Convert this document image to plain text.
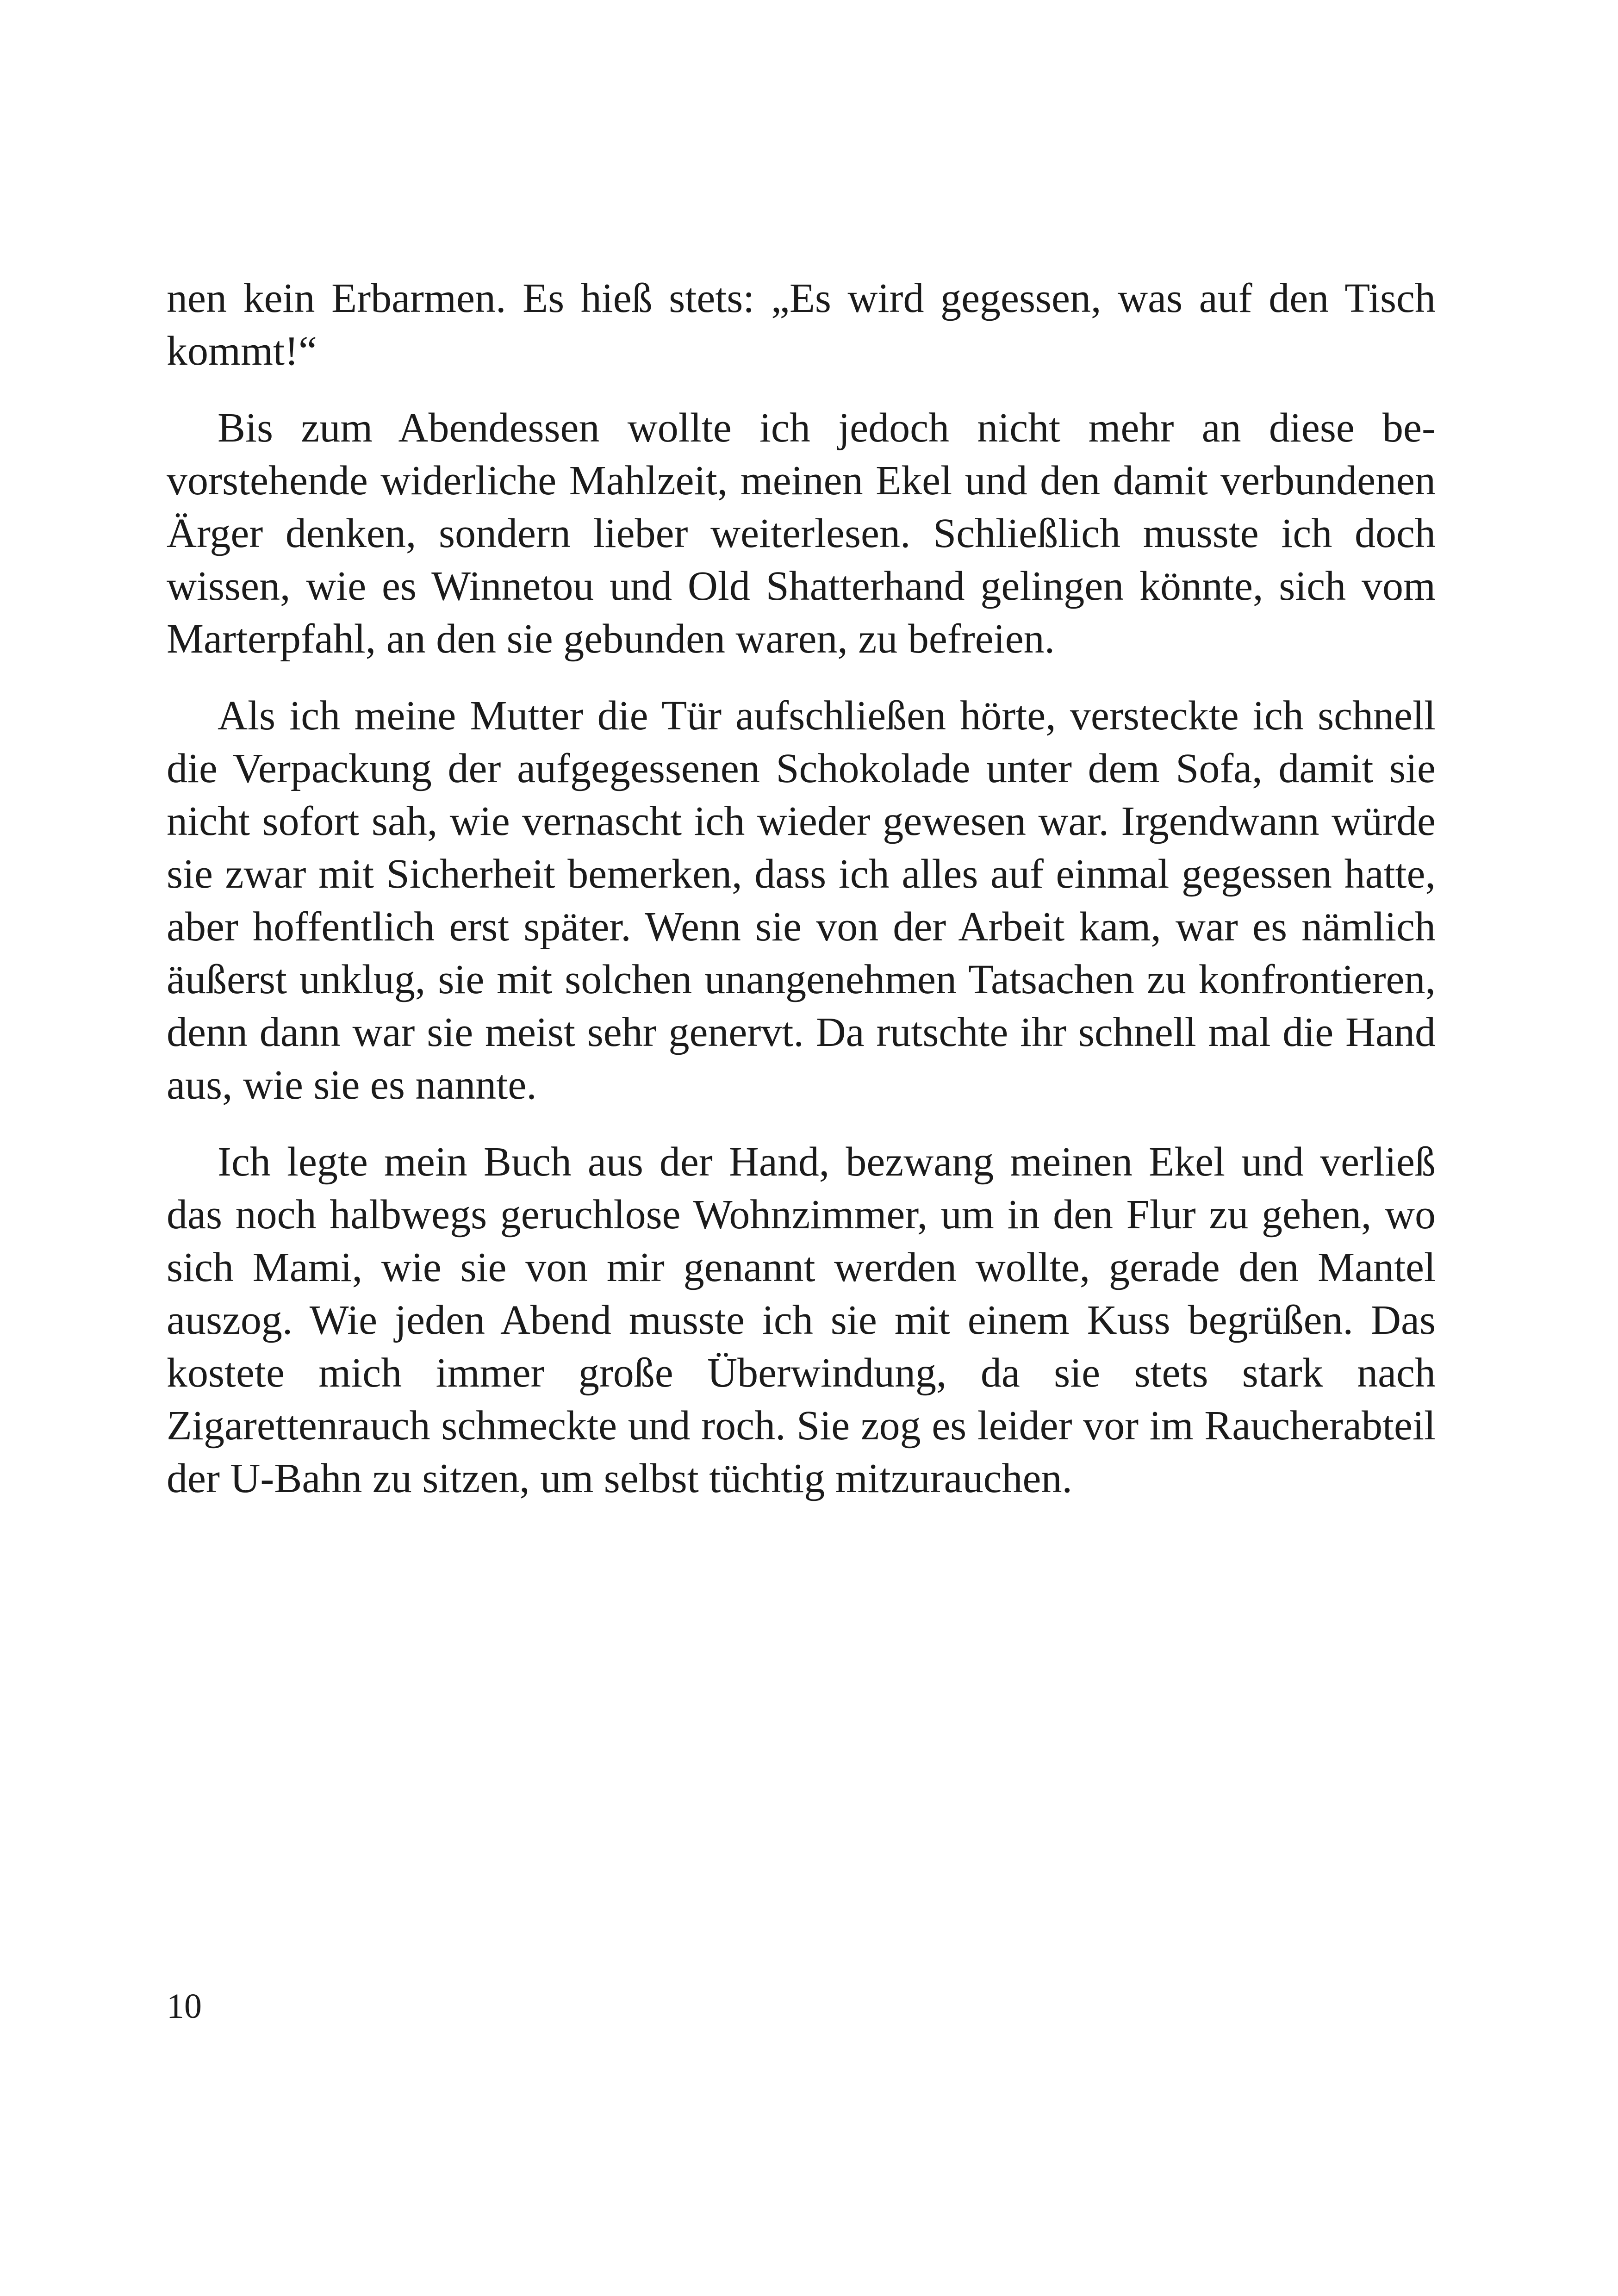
nen kein Erbarmen. Es hieß stets: „Es wird gegessen, was auf den Tisch kommt!“

Bis zum Abendessen wollte ich jedoch nicht mehr an diese bevorstehende widerliche Mahlzeit, meinen Ekel und den damit verbundenen Ärger denken, sondern lieber weiterlesen. Schließlich musste ich doch wissen, wie es Winnetou und Old Shatterhand gelingen könnte, sich vom Marterpfahl, an den sie gebunden waren, zu befreien.

Als ich meine Mutter die Tür aufschließen hörte, versteckte ich schnell die Verpackung der aufgegessenen Schokolade unter dem Sofa, damit sie nicht sofort sah, wie vernascht ich wieder gewesen war. Irgendwann würde sie zwar mit Sicherheit bemerken, dass ich alles auf einmal gegessen hatte, aber hoffentlich erst später. Wenn sie von der Arbeit kam, war es nämlich äußerst unklug, sie mit solchen unangenehmen Tatsachen zu konfrontieren, denn dann war sie meist sehr genervt. Da rutschte ihr schnell mal die Hand aus, wie sie es nannte.

Ich legte mein Buch aus der Hand, bezwang meinen Ekel und verließ das noch halbwegs geruchlose Wohnzimmer, um in den Flur zu gehen, wo sich Mami, wie sie von mir genannt werden wollte, gerade den Mantel auszog. Wie jeden Abend musste ich sie mit einem Kuss begrüßen. Das kostete mich immer große Überwindung, da sie stets stark nach Zigarettenrauch schmeckte und roch. Sie zog es leider vor im Raucherabteil der U-Bahn zu sitzen, um selbst tüchtig mitzurauchen.

10
